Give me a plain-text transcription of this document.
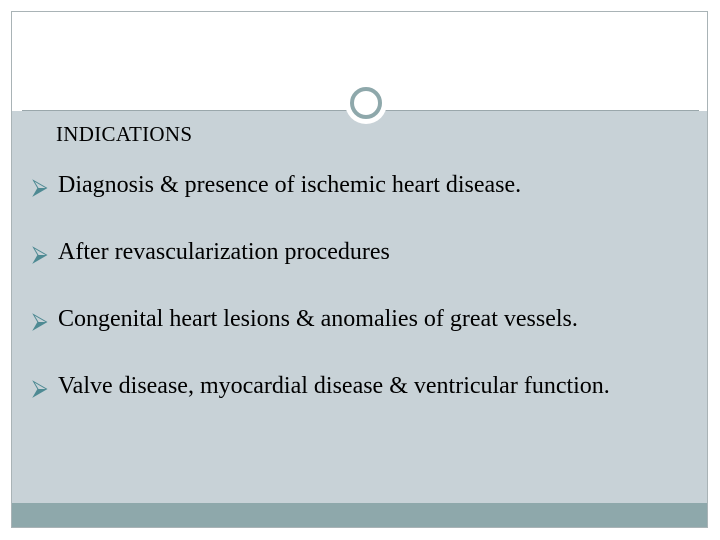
INDICATIONS
⮚ Diagnosis & presence of ischemic heart disease.
⮚ After revascularization procedures
⮚ Congenital heart lesions & anomalies of great vessels.
⮚ Valve disease, myocardial disease & ventricular function.
